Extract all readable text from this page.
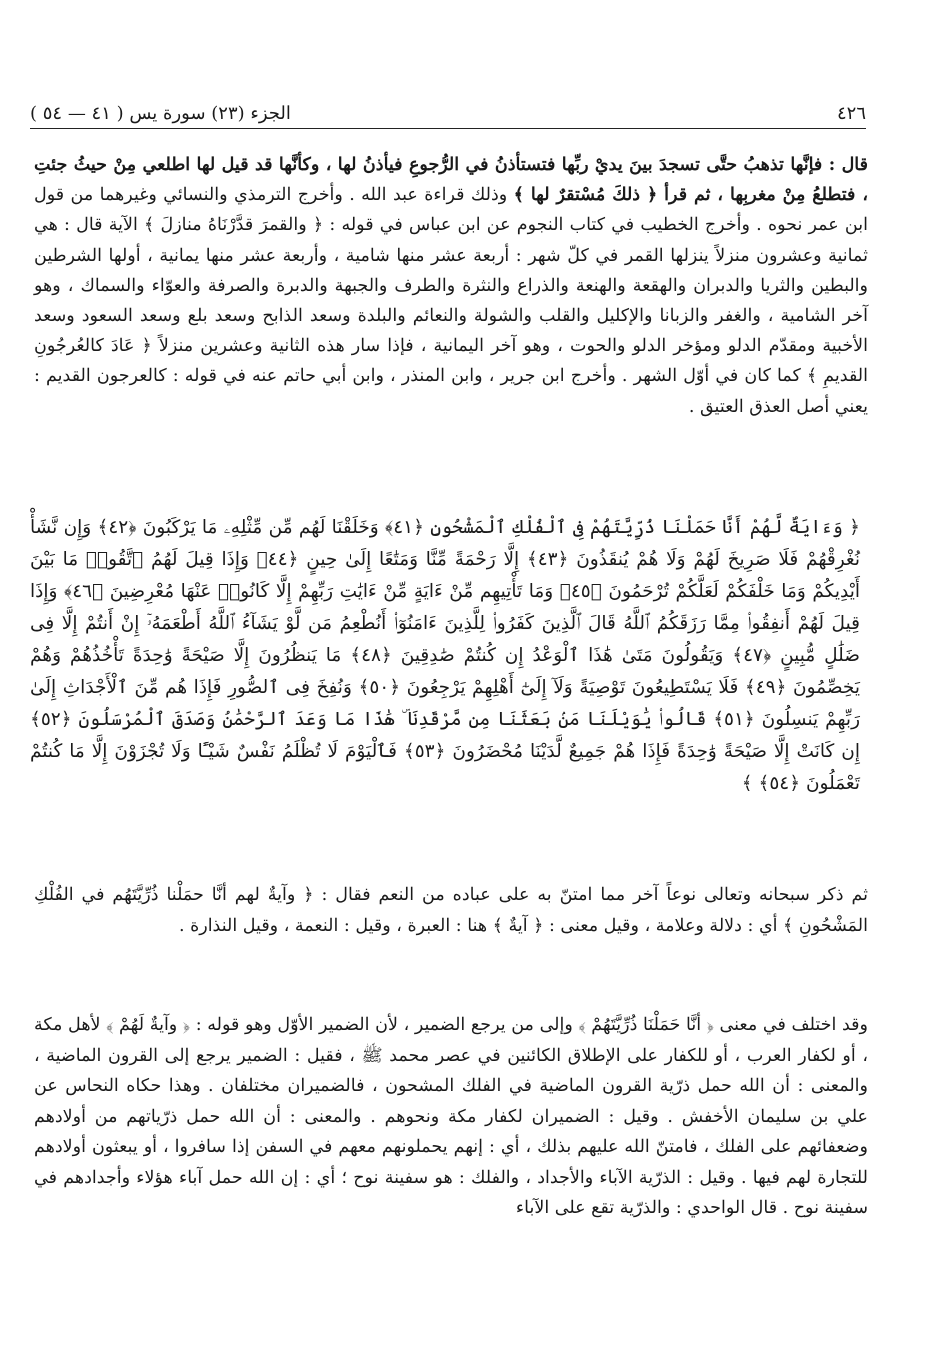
٤٢٦
الجزء (٢٣) سورة يس ( ٤١ — ٥٤ )
قال : فإنَّها تذهبُ حتَّى تسجدَ بينَ يديْ ربِّها فتستأذنُ في الرُّجوعِ فيأذنُ لها ، وكأنَّها قد قيل لها اطلعي مِنْ حيثُ جئتِ ، فتطلعُ مِنْ مغربِها ، ثم قرأ ﴿ ذلكَ مُسْتقرٌ لها ﴾ وذلك قراءة عبد الله . وأخرج الترمذي والنسائي وغيرهما من قول ابن عمر نحوه . وأخرج الخطيب في كتاب النجوم عن ابن عباس في قوله : ﴿ والقمرَ قدَّرْنَاهُ منازلَ ﴾ الآية قال : هي ثمانية وعشرون منزلاً ينزلها القمر في كلّ شهر : أربعة عشر منها شامية ، وأربعة عشر منها يمانية ، أولها الشرطين والبطين والثريا والدبران والهقعة والهنعة والذراع والنثرة والطرف والجبهة والدبرة والصرفة والعوّاء والسماك ، وهو آخر الشامية ، والغفر والزبانا والإكليل والقلب والشولة والنعائم والبلدة وسعد الذابح وسعد بلع وسعد السعود وسعد الأخبية ومقدّم الدلو ومؤخر الدلو والحوت ، وهو آخر اليمانية ، فإذا سار هذه الثانية وعشرين منزلاً ﴿ عَادَ كالعُرجُونِ القديمِ ﴾ كما كان في أوّل الشهر . وأخرج ابن جرير ، وابن المنذر ، وابن أبي حاتم عنه في قوله : كالعرجون القديم : يعني أصل العذق العتيق .
﴿ وَءَايَةٌ لَّهُمْ أَنَّا حَمَلْنَا ذُرِّيَّتَهُمْ فِى ٱلْفُلْكِ ٱلْمَشْحُونِ ﴿٤١﴾ وَخَلَقْنَا لَهُم مِّن مِّثْلِهِۦ مَا يَرْكَبُونَ ﴿٤٢﴾ وَإِن نَّشَأْ نُغْرِقْهُمْ فَلَا صَرِيخَ لَهُمْ وَلَا هُمْ يُنقَذُونَ ﴿٤٣﴾ إِلَّا رَحْمَةً مِّنَّا وَمَتَٰعًا إِلَىٰ حِينٍ ﴿٤٤﴾ وَإِذَا قِيلَ لَهُمُ ٱتَّقُوا۟ مَا بَيْنَ أَيْدِيكُمْ وَمَا خَلْفَكُمْ لَعَلَّكُمْ تُرْحَمُونَ ﴿٤٥﴾ وَمَا تَأْتِيهِم مِّنْ ءَايَةٍ مِّنْ ءَايَٰتِ رَبِّهِمْ إِلَّا كَانُوا۟ عَنْهَا مُعْرِضِينَ ﴿٤٦﴾ وَإِذَا قِيلَ لَهُمْ أَنفِقُوا۟ مِمَّا رَزَقَكُمُ ٱللَّهُ قَالَ ٱلَّذِينَ كَفَرُوا۟ لِلَّذِينَ ءَامَنُوٓا۟ أَنُطْعِمُ مَن لَّوْ يَشَآءُ ٱللَّهُ أَطْعَمَهُۥٓ إِنْ أَنتُمْ إِلَّا فِى ضَلَٰلٍ مُّبِينٍ ﴿٤٧﴾ وَيَقُولُونَ مَتَىٰ هَٰذَا ٱلْوَعْدُ إِن كُنتُمْ صَٰدِقِينَ ﴿٤٨﴾ مَا يَنظُرُونَ إِلَّا صَيْحَةً وَٰحِدَةً تَأْخُذُهُمْ وَهُمْ يَخِصِّمُونَ ﴿٤٩﴾ فَلَا يَسْتَطِيعُونَ تَوْصِيَةً وَلَآ إِلَىٰٓ أَهْلِهِمْ يَرْجِعُونَ ﴿٥٠﴾ وَنُفِخَ فِى ٱلصُّورِ فَإِذَا هُم مِّنَ ٱلْأَجْدَاثِ إِلَىٰ رَبِّهِمْ يَنسِلُونَ ﴿٥١﴾ قَالُوا۟ يَٰوَيْلَنَا مَنۢ بَعَثَنَا مِن مَّرْقَدِنَا ۜ هَٰذَا مَا وَعَدَ ٱلرَّحْمَٰنُ وَصَدَقَ ٱلْمُرْسَلُونَ ﴿٥٢﴾ إِن كَانَتْ إِلَّا صَيْحَةً وَٰحِدَةً فَإِذَا هُمْ جَمِيعٌ لَّدَيْنَا مُحْضَرُونَ ﴿٥٣﴾ فَٱلْيَوْمَ لَا تُظْلَمُ نَفْسٌ شَيْـًٔا وَلَا تُجْزَوْنَ إِلَّا مَا كُنتُمْ تَعْمَلُونَ ﴿٥٤﴾ ﴾
ثم ذكر سبحانه وتعالى نوعاً آخر مما امتنّ به على عباده من النعم فقال : ﴿ وآيةٌ لهم أنَّا حمَلْنا ذُرِّيَّتَهُم في الفُلْكِ المَشْحُونِ ﴾ أي : دلالة وعلامة ، وقيل معنى : ﴿ آيةٌ ﴾ هنا : العبرة ، وقيل : النعمة ، وقيل النذارة .
وقد اختلف في معنى ﴿ أنَّا حَمَلْنَا ذُرِّيَّتَهُمْ ﴾ وإلى من يرجع الضمير ، لأن الضمير الأوّل وهو قوله : ﴿ وآيةٌ لَهُمْ ﴾ لأهل مكة ، أو لكفار العرب ، أو للكفار على الإطلاق الكائنين في عصر محمد ﷺ ، فقيل : الضمير يرجع إلى القرون الماضية ، والمعنى : أن الله حمل ذرّية القرون الماضية في الفلك المشحون ، فالضميران مختلفان . وهذا حكاه النحاس عن علي بن سليمان الأخفش . وقيل : الضميران لكفار مكة ونحوهم . والمعنى : أن الله حمل ذرّياتهم من أولادهم وضعفائهم على الفلك ، فامتنّ الله عليهم بذلك ، أي : إنهم يحملونهم معهم في السفن إذا سافروا ، أو يبعثون أولادهم للتجارة لهم فيها . وقيل : الذرّية الآباء والأجداد ، والفلك : هو سفينة نوح ؛ أي : إن الله حمل آباء هؤلاء وأجدادهم في سفينة نوح . قال الواحدي : والذرّية تقع على الآباء
